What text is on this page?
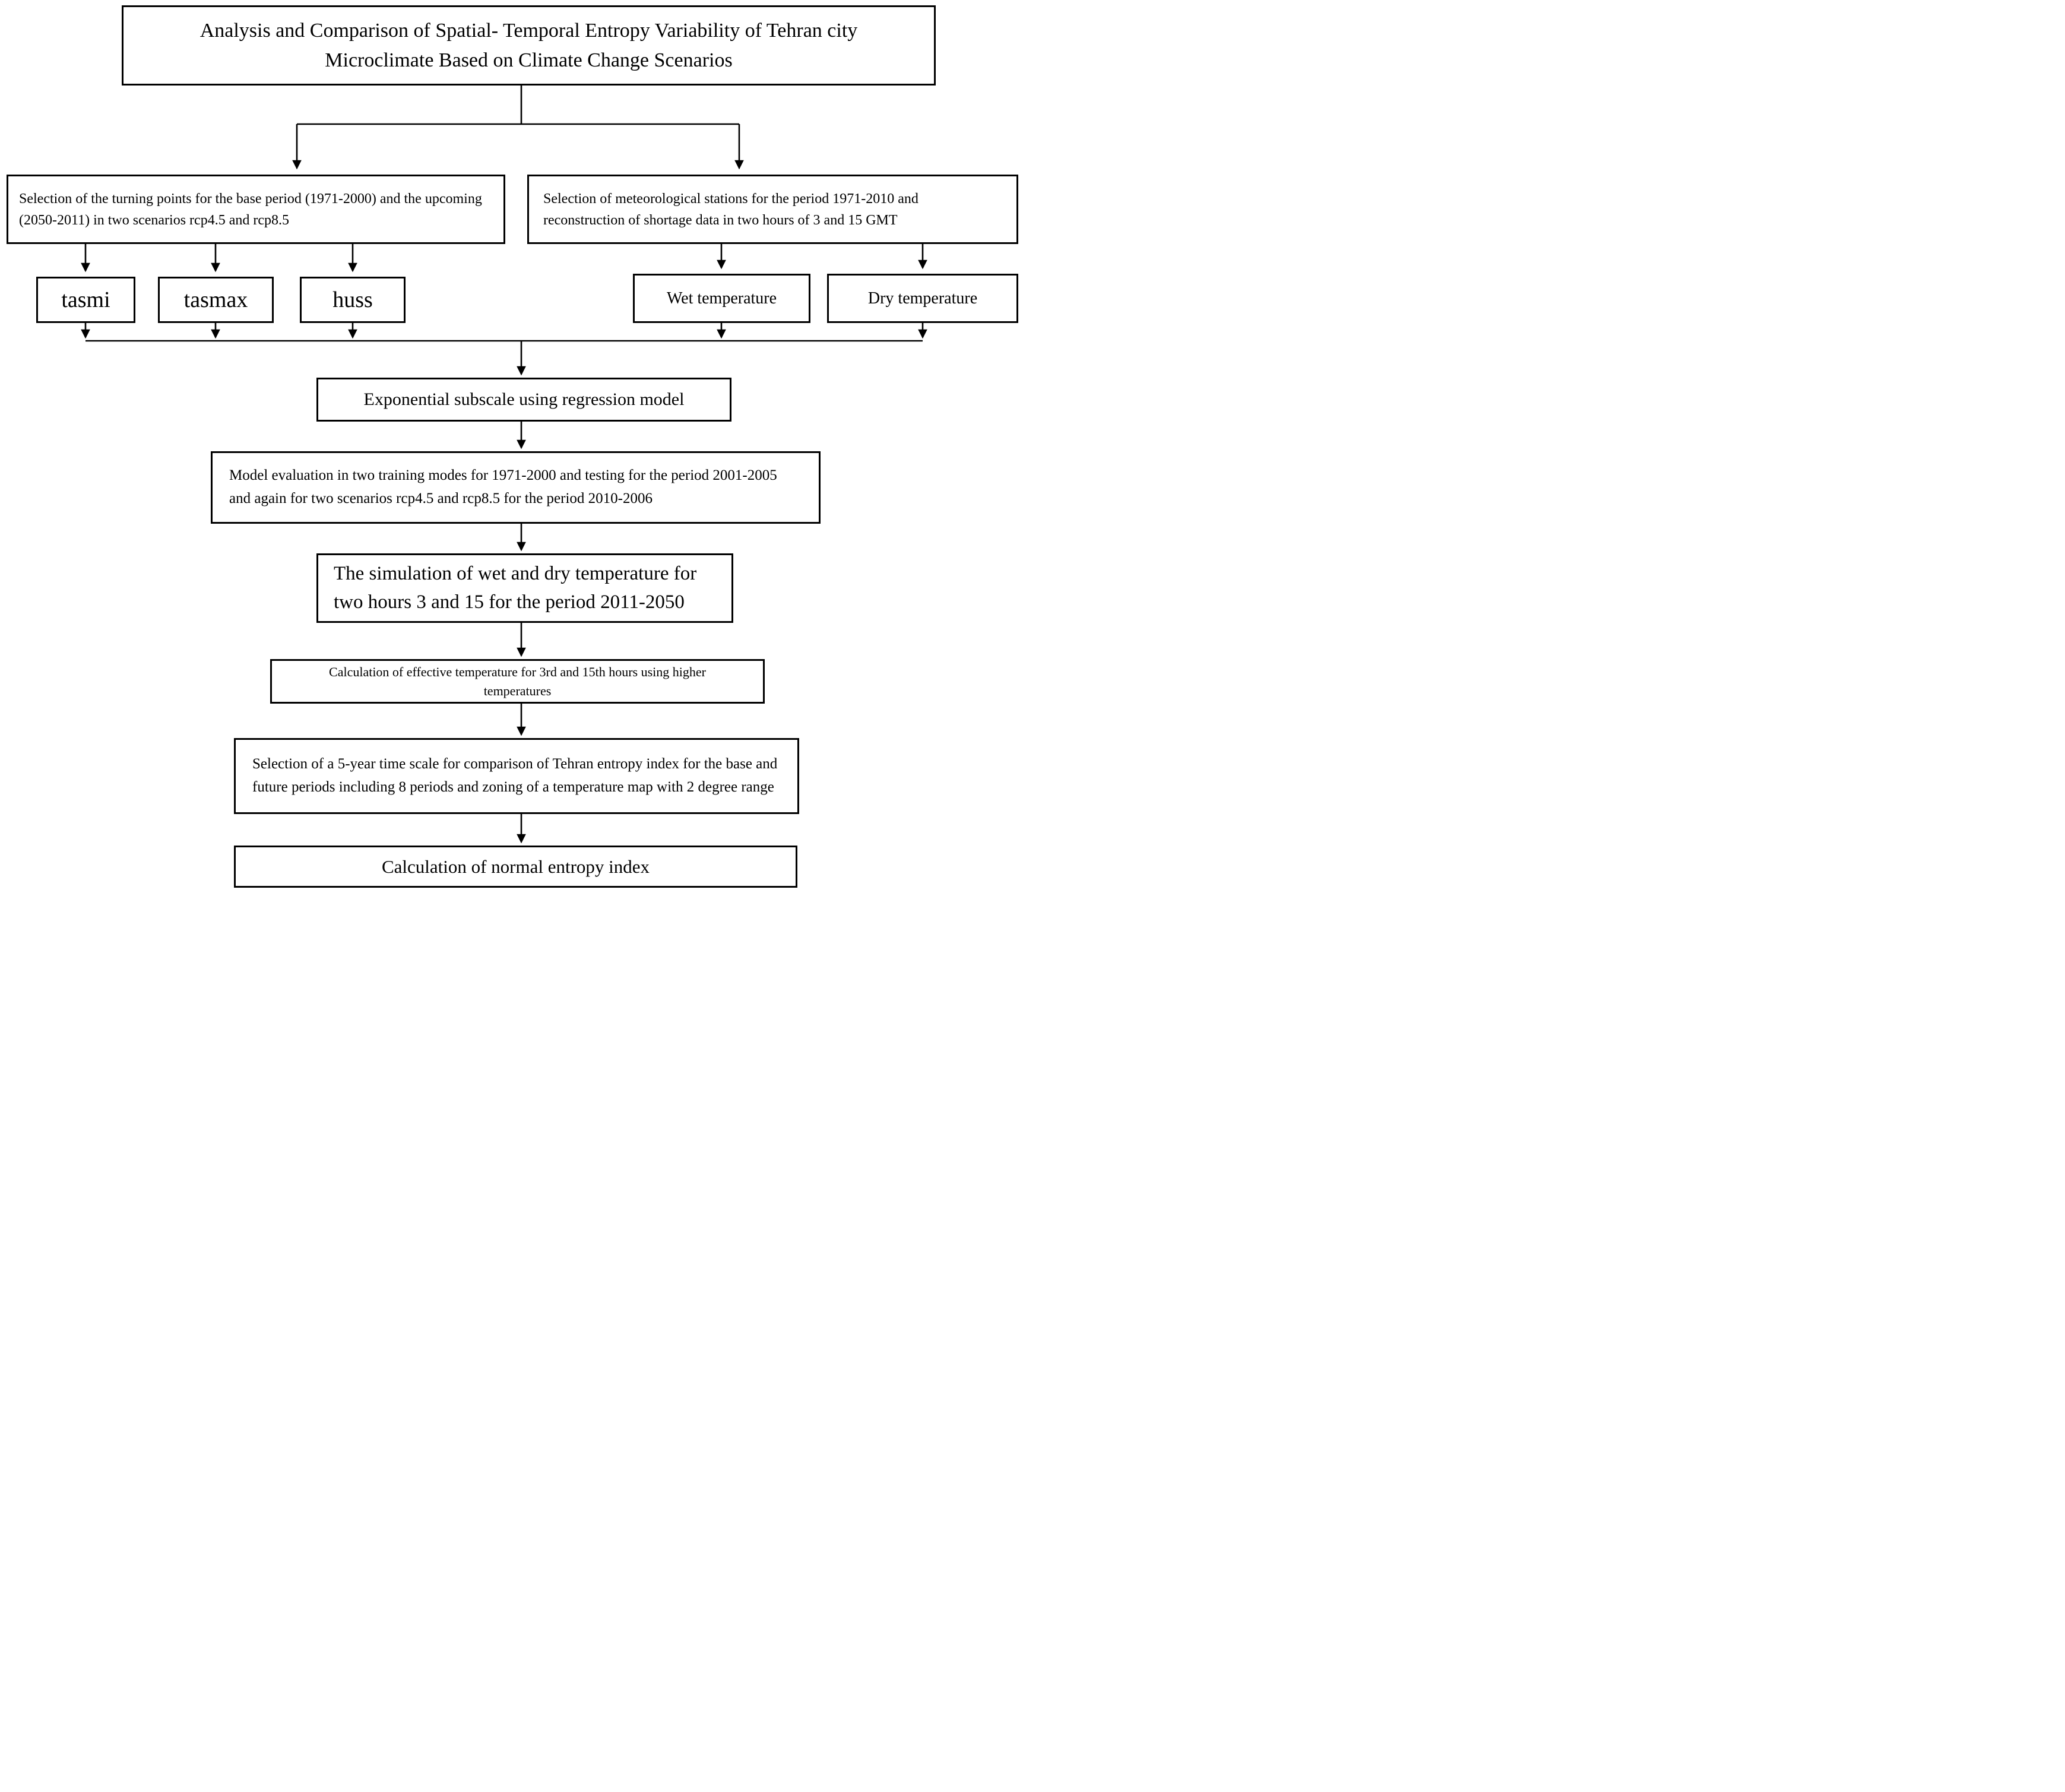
Analysis and Comparison of Spatial- Temporal Entropy Variability of Tehran city Microclimate Based on Climate Change Scenarios
Selection of the turning points for the base period (1971-2000) and the upcoming (2050-2011) in two scenarios rcp4.5 and rcp8.5
Selection of meteorological stations for the period 1971-2010 and reconstruction of shortage data in two hours of 3 and 15 GMT
tasmi	tasmax	huss	Wet temperature	Dry temperature
Exponential subscale using regression model
Model evaluation in two training modes for 1971-2000 and testing for the period 2001-2005 and again for two scenarios rcp4.5 and rcp8.5 for the period 2010-2006
The simulation of wet and dry temperature for two hours 3 and 15 for the period 2011-2050
Calculation of effective temperature for 3rd and 15th hours using higher temperatures
Selection of a 5-year time scale for comparison of Tehran entropy index for the base and future periods including 8 periods and zoning of a temperature map with 2 degree range
Calculation of normal entropy index
